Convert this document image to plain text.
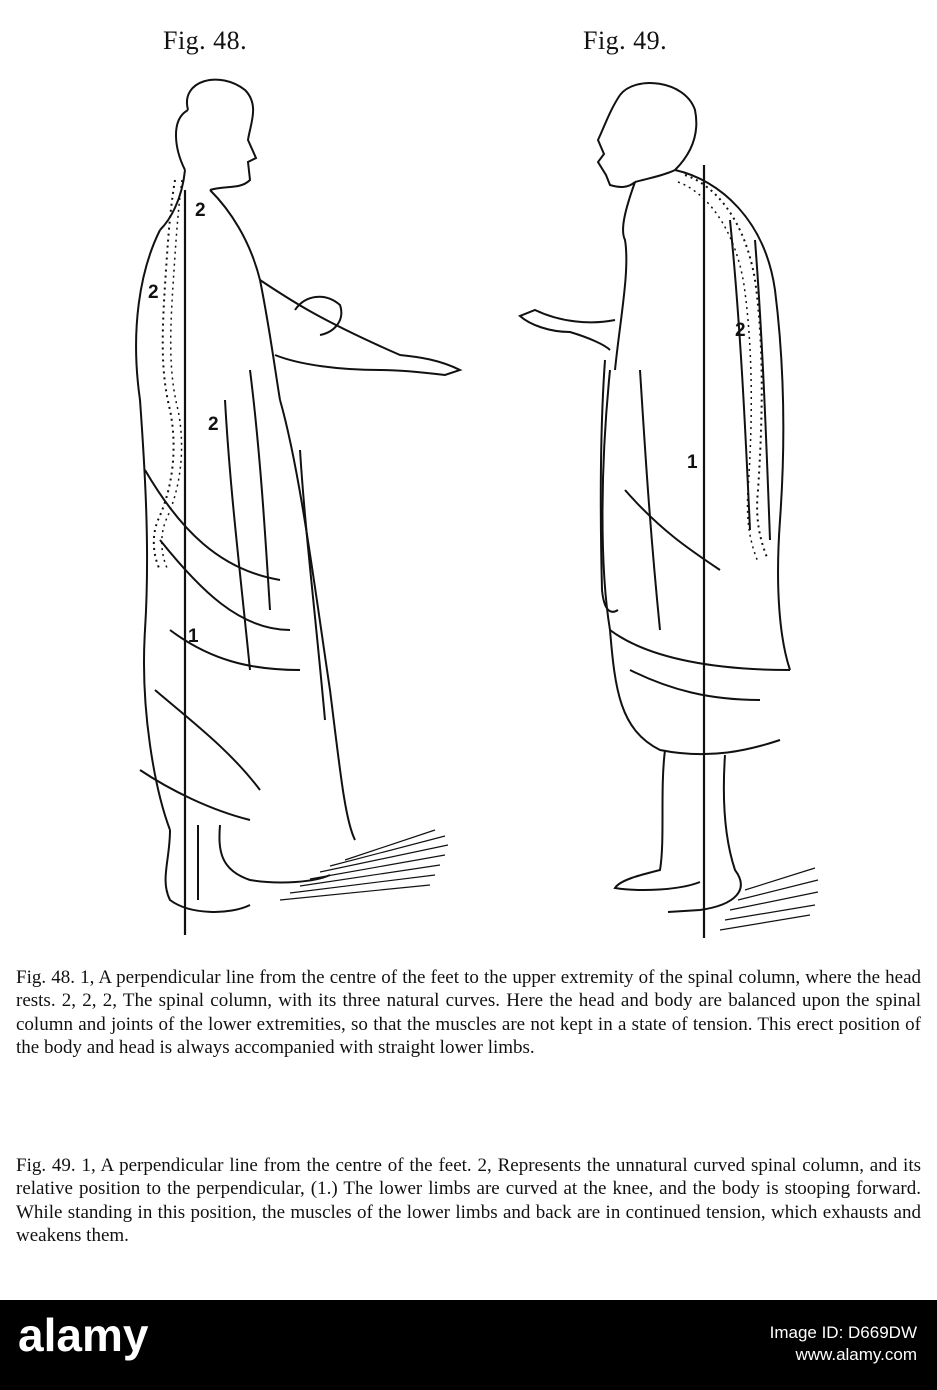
Fig. 48.	Fig. 49.
2
2
2
1
2
1

Fig. 48. 1, A perpendicular line from the centre of the feet to the upper extremity of the spinal column, where the head rests. 2, 2, 2, The spinal column, with its three natural curves. Here the head and body are balanced upon the spinal column and joints of the lower extremities, so that the muscles are not kept in a state of tension. This erect position of the body and head is always accompanied with straight lower limbs.

Fig. 49. 1, A perpendicular line from the centre of the feet. 2, Represents the unnatural curved spinal column, and its relative position to the perpendicular, (1.) The lower limbs are curved at the knee, and the body is stooping forward. While standing in this position, the muscles of the lower limbs and back are in continued tension, which exhausts and weakens them.

alamy	Image ID: D669DW
www.alamy.com
